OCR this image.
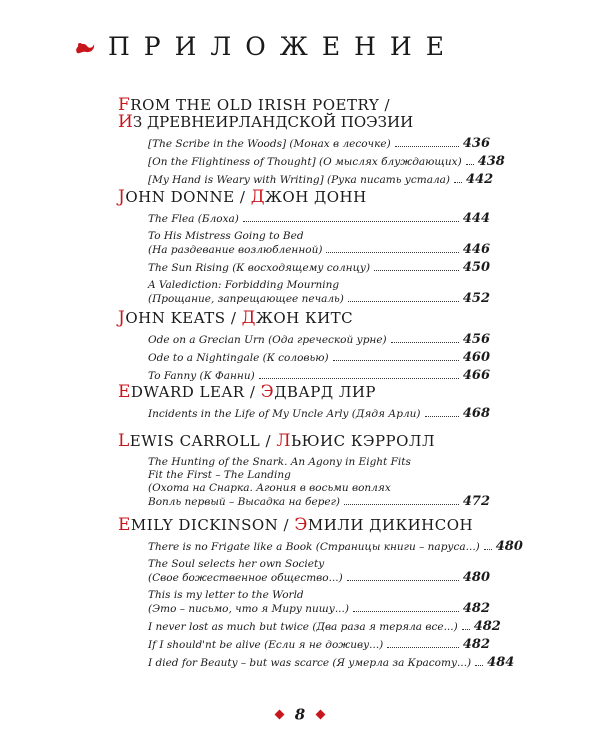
ПРИЛОЖЕНИЕ
FROM THE OLD IRISH POETRY /
ИЗ ДРЕВНЕИРЛАНДСКОЙ ПОЭЗИИ
[The Scribe in the Woods] (Монах в лесочке)	436
[On the Flightiness of Thought] (О мыслях блуждающих) 438
[My Hand is Weary with Writing] (Рука писать устала) 442
JOHN DONNE / ДЖОН ДОНН
The Flea (Блоха)	444
To His Mistress Going to Bed
(На раздевание возлюбленной)	446
The Sun Rising (К восходящему солнцу)	450
A Valediction: Forbidding Mourning
(Прощание, запрещающее печаль)	452
JOHN KEATS / ДЖОН КИТС
Ode on a Grecian Urn (Ода греческой урне)	456
Ode to a Nightingale (К соловью)	460
To Fanny (К Фанни)	466
EDWARD LEAR / ЭДВАРД ЛИР
Incidents in the Life of My Uncle Arly (Дядя Арли)	468
LEWIS CARROLL / ЛЬЮИС КЭРРОЛЛ
The Hunting of the Snark. An Agony in Eight Fits
Fit the First – The Landing
(Охота на Снарка. Агония в восьми воплях
Вопль первый – Высадка на берег)	472
EMILY DICKINSON / ЭМИЛИ ДИКИНСОН
There is no Frigate like a Book (Страницы книги – паруса...) 480
The Soul selects her own Society
(Свое божественное общество...)	480
This is my letter to the World
(Это – письмо, что я Миру пишу...)	482
I never lost as much but twice (Два раза я теряла все...) 482
If I should'nt be alive (Если я не доживу...)	482
I died for Beauty – but was scarce (Я умерла за Красоту...) 484
8
